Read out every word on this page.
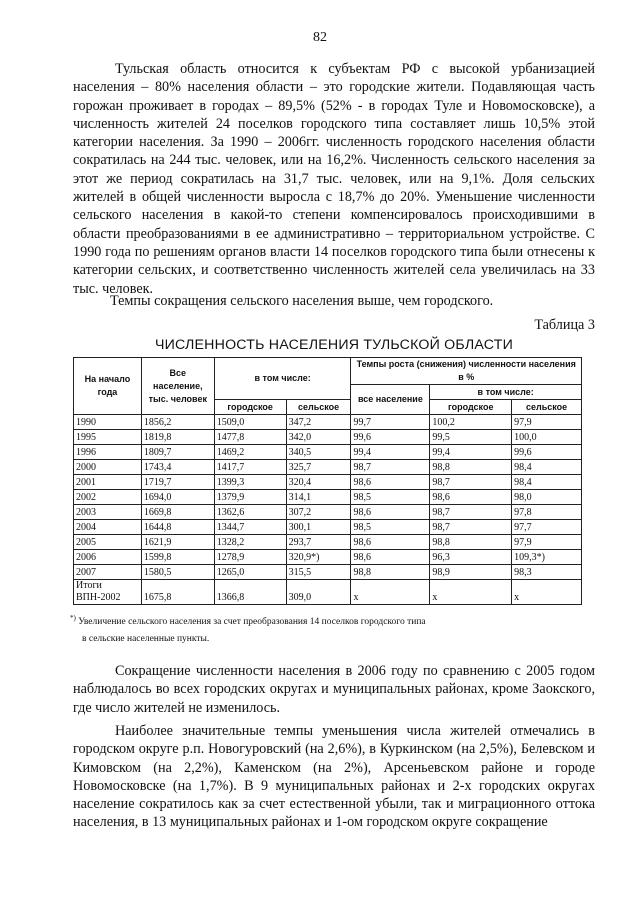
82

Тульская область относится к субъектам РФ с высокой урбанизацией населения – 80% населения области – это городские жители. Подавляющая часть горожан проживает в городах – 89,5% (52% - в городах Туле и Новомосковске), а численность жителей 24 поселков городского типа составляет лишь 10,5% этой категории населения. За 1990 – 2006гг. численность городского населения области сократилась на 244 тыс. человек, или на 16,2%. Численность сельского населения за этот же период сократилась на 31,7 тыс. человек, или на 9,1%. Доля сельских жителей в общей численности выросла с 18,7% до 20%. Уменьшение численности сельского населения в какой-то степени компенсировалось происходившими в области преобразованиями в ее административно – территориальном устройстве. С 1990 года по решениям органов власти 14 поселков городского типа были отнесены к категории сельских, и соответственно численность жителей села увеличилась на 33 тыс. человек.

Темпы сокращения сельского населения выше, чем городского.

Таблица 3
ЧИСЛЕННОСТЬ НАСЕЛЕНИЯ ТУЛЬСКОЙ ОБЛАСТИ
На начало года	Все население, тыс. человек	в том числе:		Темпы роста (снижения) численности населения в %		
				все население	в том числе:	
		городское	сельское		городское	сельское
1990	1856,2	1509,0	347,2	99,7	100,2	97,9
1995	1819,8	1477,8	342,0	99,6	99,5	100,0
1996	1809,7	1469,2	340,5	99,4	99,4	99,6
2000	1743,4	1417,7	325,7	98,7	98,8	98,4
2001	1719,7	1399,3	320,4	98,6	98,7	98,4
2002	1694,0	1379,9	314,1	98,5	98,6	98,0
2003	1669,8	1362,6	307,2	98,6	98,7	97,8
2004	1644,8	1344,7	300,1	98,5	98,7	97,7
2005	1621,9	1328,2	293,7	98,6	98,8	97,9
2006	1599,8	1278,9	320,9*)	98,6	96,3	109,3*)
2007	1580,5	1265,0	315,5	98,8	98,9	98,3

Итоги
ВПН-2002	1675,8	1366,8	309,0	x	x	x
*) Увеличение сельского населения за счет преобразования 14 поселков городского типа
в сельские населенные пункты.

Сокращение численности населения в 2006 году по сравнению с 2005 годом наблюдалось во всех городских округах и муниципальных районах, кроме Заокского, где число жителей не изменилось.

Наиболее значительные темпы уменьшения числа жителей отмечались в городском округе р.п. Новогуровский (на 2,6%), в Куркинском (на 2,5%), Белевском и Кимовском (на 2,2%), Каменском (на 2%), Арсеньевском районе и городе Новомосковске (на 1,7%). В 9 муниципальных районах и 2-х городских округах население сократилось как за счет естественной убыли, так и миграционного оттока населения, в 13 муниципальных районах и 1-ом городском округе сокращение
